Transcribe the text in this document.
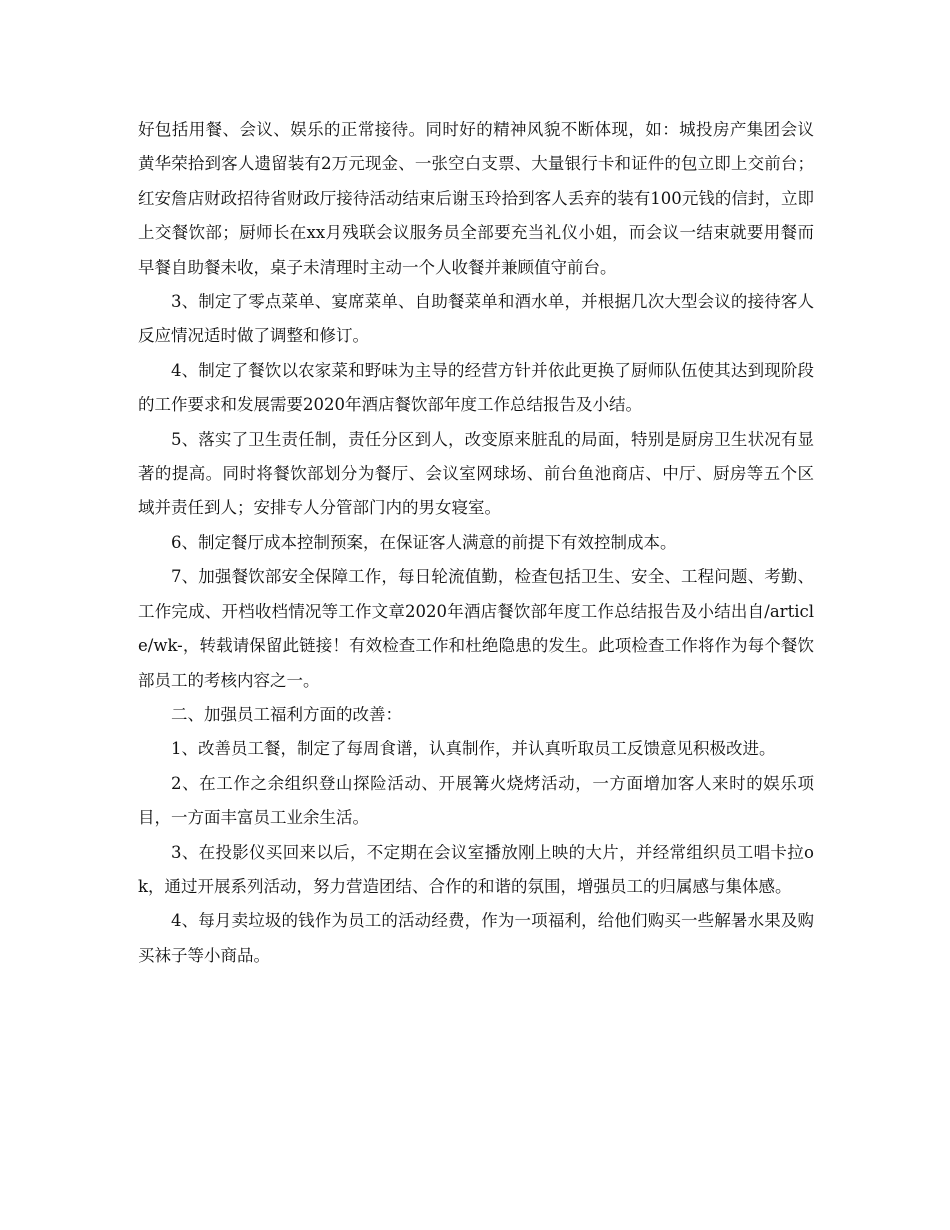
好包括用餐、会议、娱乐的正常接待。同时好的精神风貌不断体现，如：城投房产集团会议黄华荣拾到客人遗留装有2万元现金、一张空白支票、大量银行卡和证件的包立即上交前台；红安詹店财政招待省财政厅接待活动结束后谢玉玲拾到客人丢弃的装有100元钱的信封，立即上交餐饮部；厨师长在xx月残联会议服务员全部要充当礼仪小姐，而会议一结束就要用餐而早餐自助餐未收，桌子未清理时主动一个人收餐并兼顾值守前台。

3、制定了零点菜单、宴席菜单、自助餐菜单和酒水单，并根据几次大型会议的接待客人反应情况适时做了调整和修订。

4、制定了餐饮以农家菜和野味为主导的经营方针并依此更换了厨师队伍使其达到现阶段的工作要求和发展需要2020年酒店餐饮部年度工作总结报告及小结。

5、落实了卫生责任制，责任分区到人，改变原来脏乱的局面，特别是厨房卫生状况有显著的提高。同时将餐饮部划分为餐厅、会议室网球场、前台鱼池商店、中厅、厨房等五个区域并责任到人；安排专人分管部门内的男女寝室。

6、制定餐厅成本控制预案，在保证客人满意的前提下有效控制成本。

7、加强餐饮部安全保障工作，每日轮流值勤，检查包括卫生、安全、工程问题、考勤、工作完成、开档收档情况等工作文章2020年酒店餐饮部年度工作总结报告及小结出自/article/wk-，转载请保留此链接！有效检查工作和杜绝隐患的发生。此项检查工作将作为每个餐饮部员工的考核内容之一。

二、加强员工福利方面的改善：

1、改善员工餐，制定了每周食谱，认真制作，并认真听取员工反馈意见积极改进。

2、在工作之余组织登山探险活动、开展篝火烧烤活动，一方面增加客人来时的娱乐项目，一方面丰富员工业余生活。

3、在投影仪买回来以后，不定期在会议室播放刚上映的大片，并经常组织员工唱卡拉ok，通过开展系列活动，努力营造团结、合作的和谐的氛围，增强员工的归属感与集体感。

4、每月卖垃圾的钱作为员工的活动经费，作为一项福利，给他们购买一些解暑水果及购买袜子等小商品。
